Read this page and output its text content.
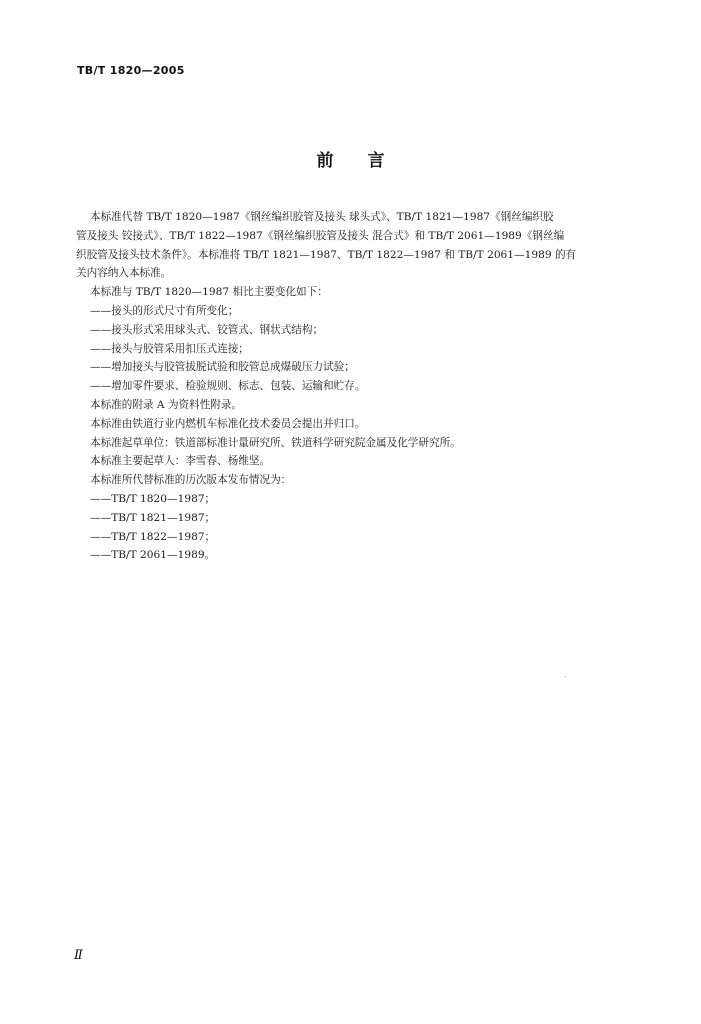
TB/T 1820—2005
前言

本标准代替 TB/T 1820—1987《钢丝编织胶管及接头 球头式》、TB/T 1821—1987《钢丝编织胶

管及接头 铰接式》、TB/T 1822—1987《钢丝编织胶管及接头 混合式》和 TB/T 2061—1989《钢丝编

织胶管及接头技术条件》。本标准将 TB/T 1821—1987、TB/T 1822—1987 和 TB/T 2061—1989 的有

关内容纳入本标准。

本标准与 TB/T 1820—1987 相比主要变化如下：

——接头的形式尺寸有所变化；

——接头形式采用球头式、铰管式、钢状式结构；

——接头与胶管采用扣压式连接；

——增加接头与胶管拔脱试验和胶管总成爆破压力试验；

——增加零件要求、检验规则、标志、包装、运输和贮存。

本标准的附录 A 为资料性附录。

本标准由铁道行业内燃机车标准化技术委员会提出并归口。

本标准起草单位：铁道部标准计量研究所、铁道科学研究院金属及化学研究所。

本标准主要起草人：李雪春、杨维坚。

本标准所代替标准的历次版本发布情况为：

——TB/T 1820—1987；

——TB/T 1821—1987；

——TB/T 1822—1987；

——TB/T 2061—1989。

Ⅱ
